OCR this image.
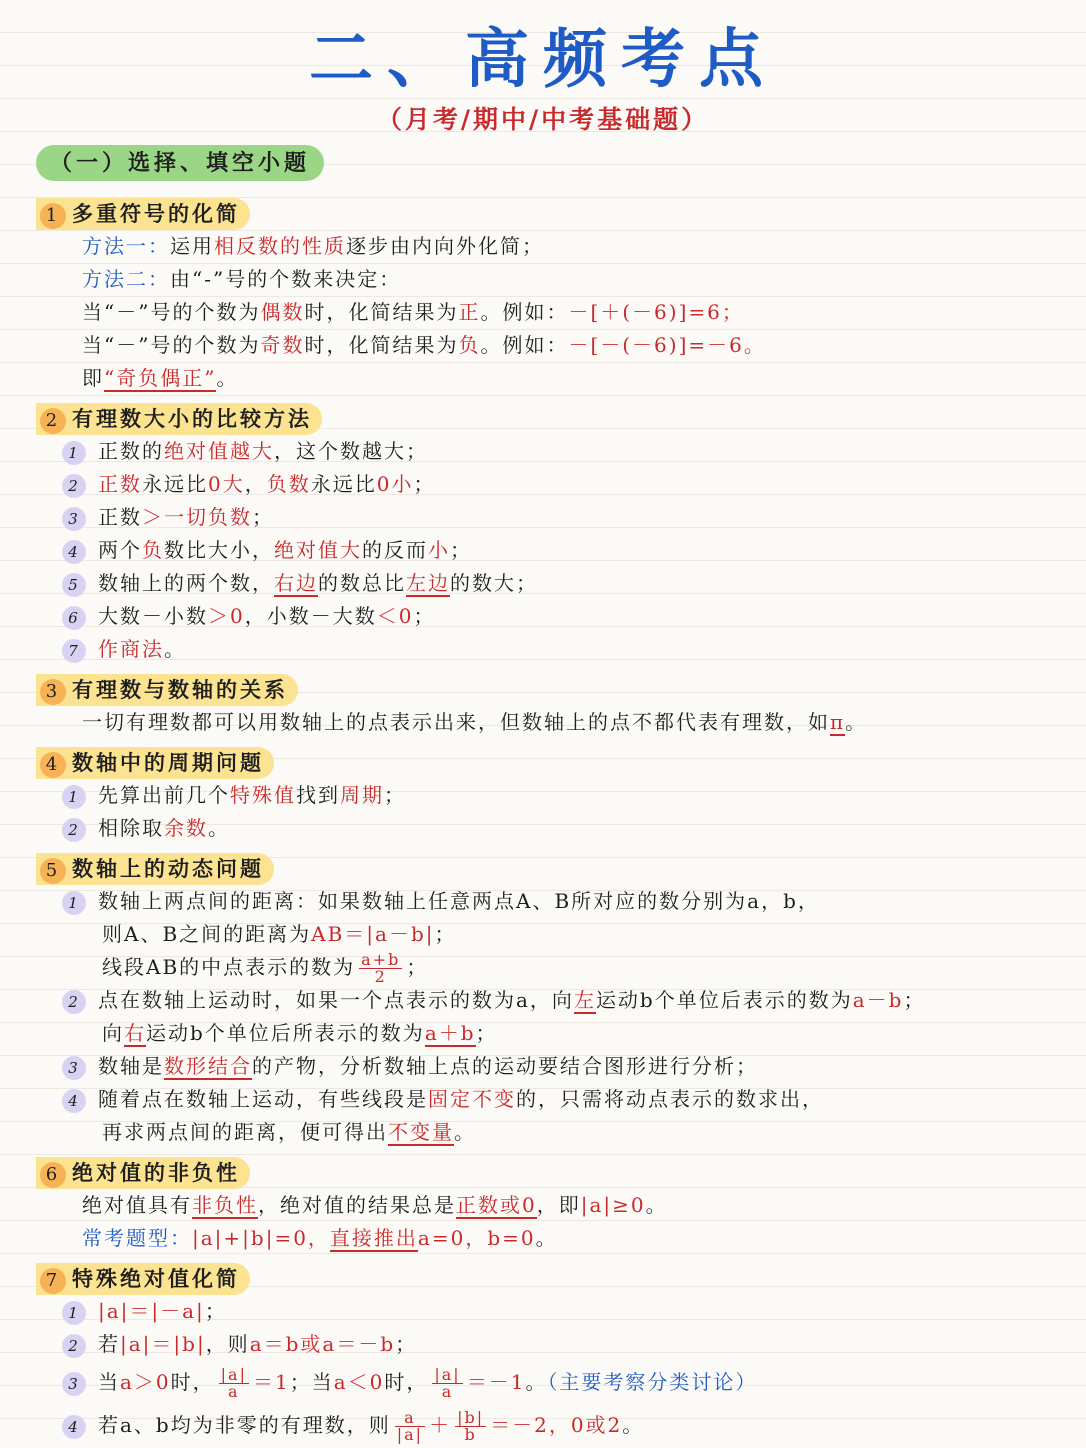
二、高频考点
（月考/期中/中考基础题）
（一）选择、填空小题
1 多重符号的化简
方法一：运用相反数的性质逐步由内向外化简；
方法二：由“-”号的个数来决定：
当“－”号的个数为偶数时，化简结果为正。例如：－[＋(－6)]=6；
当“－”号的个数为奇数时，化简结果为负。例如：－[－(－6)]=－6。
即“奇负偶正”。
2 有理数大小的比较方法
1 正数的绝对值越大，这个数越大；
2 正数永远比0大，负数永远比0小；
3 正数＞一切负数；
4 两个负数比大小，绝对值大的反而小；
5 数轴上的两个数，右边的数总比左边的数大；
6 大数－小数＞0，小数－大数＜0；
7 作商法。
3 有理数与数轴的关系
一切有理数都可以用数轴上的点表示出来，但数轴上的点不都代表有理数，如π。
4 数轴中的周期问题
1 先算出前几个特殊值找到周期；
2 相除取余数。
5 数轴上的动态问题
1 数轴上两点间的距离：如果数轴上任意两点A、B所对应的数分别为a，b，
则A、B之间的距离为AB＝|a－b|；
线段AB的中点表示的数为 $\frac{a+b}{2}$ ；
2 点在数轴上运动时，如果一个点表示的数为a，向左运动b个单位后表示的数为a－b；
向右运动b个单位后所表示的数为a＋b；
3 数轴是数形结合的产物，分析数轴上点的运动要结合图形进行分析；
4 随着点在数轴上运动，有些线段是固定不变的，只需将动点表示的数求出，
再求两点间的距离，便可得出不变量。
6 绝对值的非负性
绝对值具有非负性，绝对值的结果总是正数或0，即|a|≥0。
常考题型：|a|+|b|=0，直接推出a=0，b=0。
7 特殊绝对值化简
1 |a|＝|－a|；
2 若|a|＝|b|，则a＝b或a＝－b；
3 当a＞0时， $\frac{|a|}{a} =1$；当a＜0时， $\frac{|a|}{a} =-1$。（主要考察分类讨论）
4 若a、b均为非零的有理数，则 $\frac{a}{|a|} + \frac{|b|}{b} =-2$，0或2。
